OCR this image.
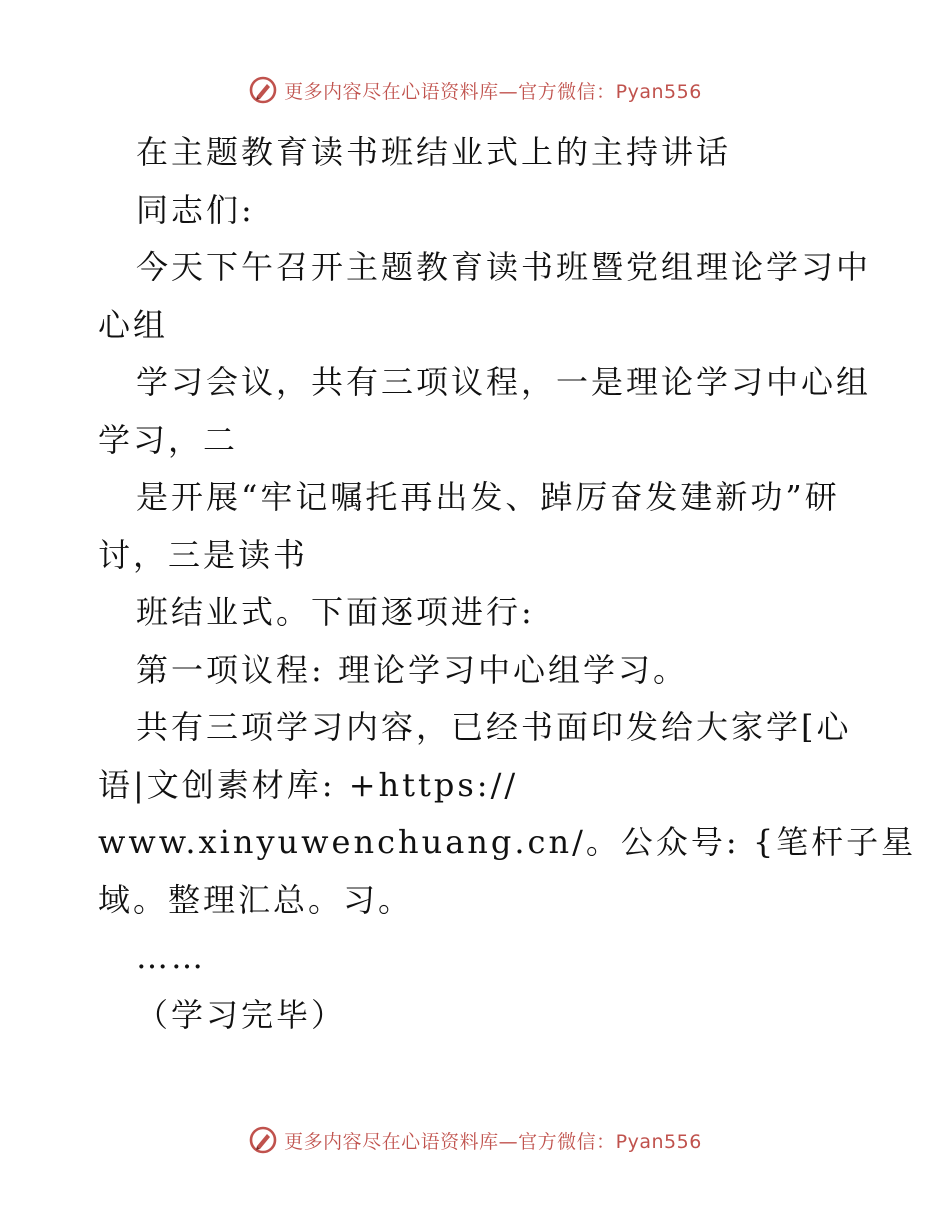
更多内容尽在心语资料库—官方微信：Pyan556
在主题教育读书班结业式上的主持讲话
同志们:
今天下午召开主题教育读书班暨党组理论学习中
心组
学习会议，共有三项议程，一是理论学习中心组
学习，二
是开展“牢记嘱托再出发、踔厉奋发建新功”研
讨，三是读书
班结业式。下面逐项进行:
第一项议程: 理论学习中心组学习。
共有三项学习内容，已经书面印发给大家学[心
语|文创素材库: +https://
www.xinyuwenchuang.cn/。公众号: {笔杆子星
域。整理汇总。习。
……
（学习完毕）
更多内容尽在心语资料库—官方微信：Pyan556
